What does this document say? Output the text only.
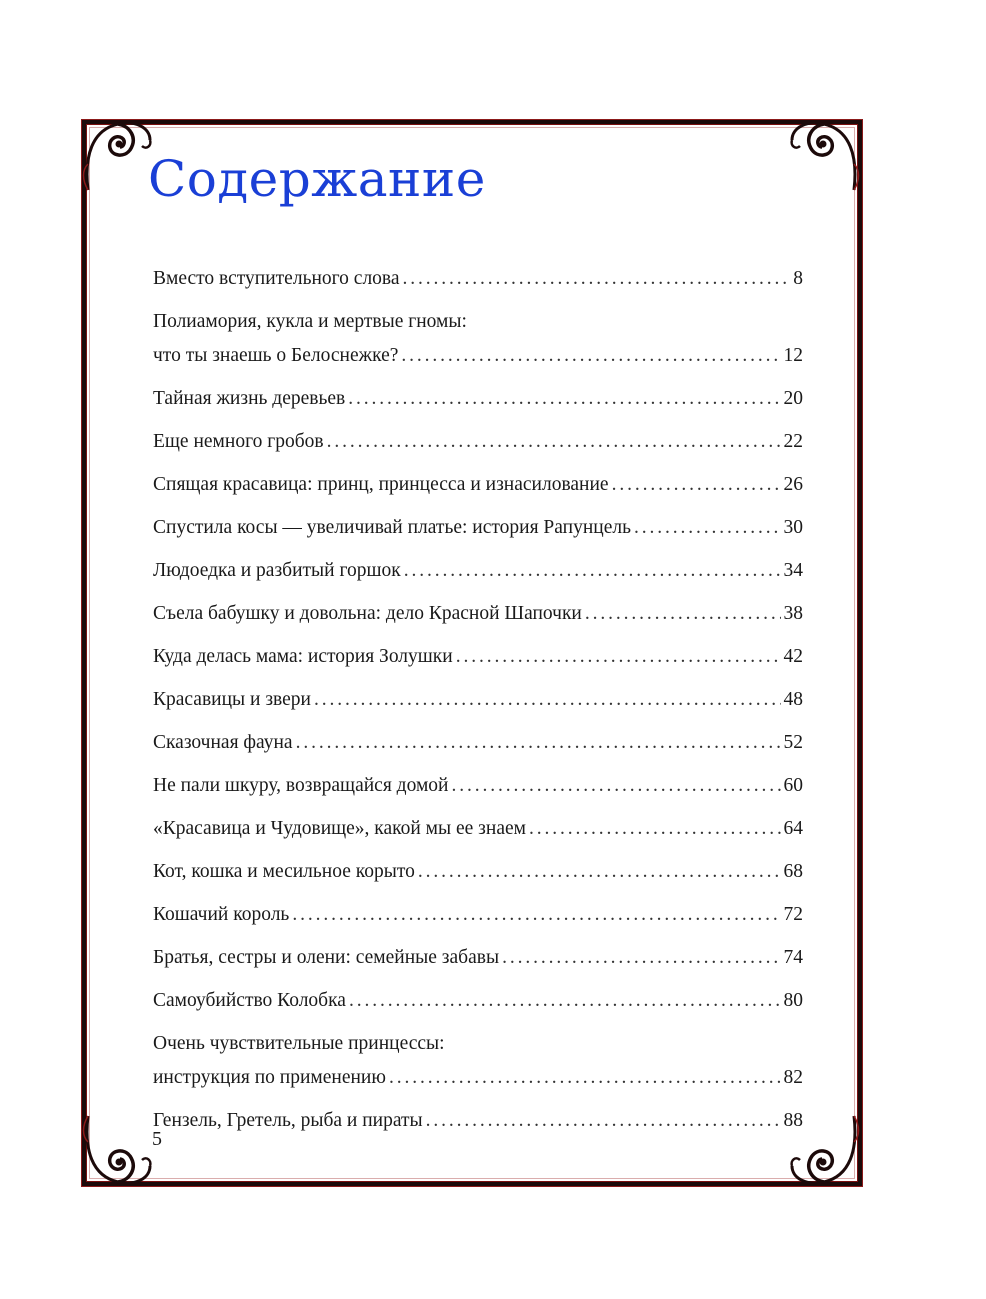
Содержание
Вместо вступительного слова . . .	8
Полиамория, кукла и мертвые гномы:
что ты знаешь о Белоснежке? . . .	12
Тайная жизнь деревьев . . .	20
Еще немного гробов . . .	22
Спящая красавица: принц, принцесса и изнасилование . . .	26
Спустила косы — увеличивай платье: история Рапунцель . . .	30
Людоедка и разбитый горшок . . .	34
Съела бабушку и довольна: дело Красной Шапочки . . .	38
Куда делась мама: история Золушки . . .	42
Красавицы и звери . . .	48
Сказочная фауна . . .	52
Не пали шкуру, возвращайся домой . . .	60
«Красавица и Чудовище», какой мы ее знаем . . .	64
Кот, кошка и месильное корыто . . .	68
Кошачий король . . .	72
Братья, сестры и олени: семейные забавы . . .	74
Самоубийство Колобка . . .	80
Очень чувствительные принцессы:
инструкция по применению . . .	82
Гензель, Гретель, рыба и пираты . . .	88
5
